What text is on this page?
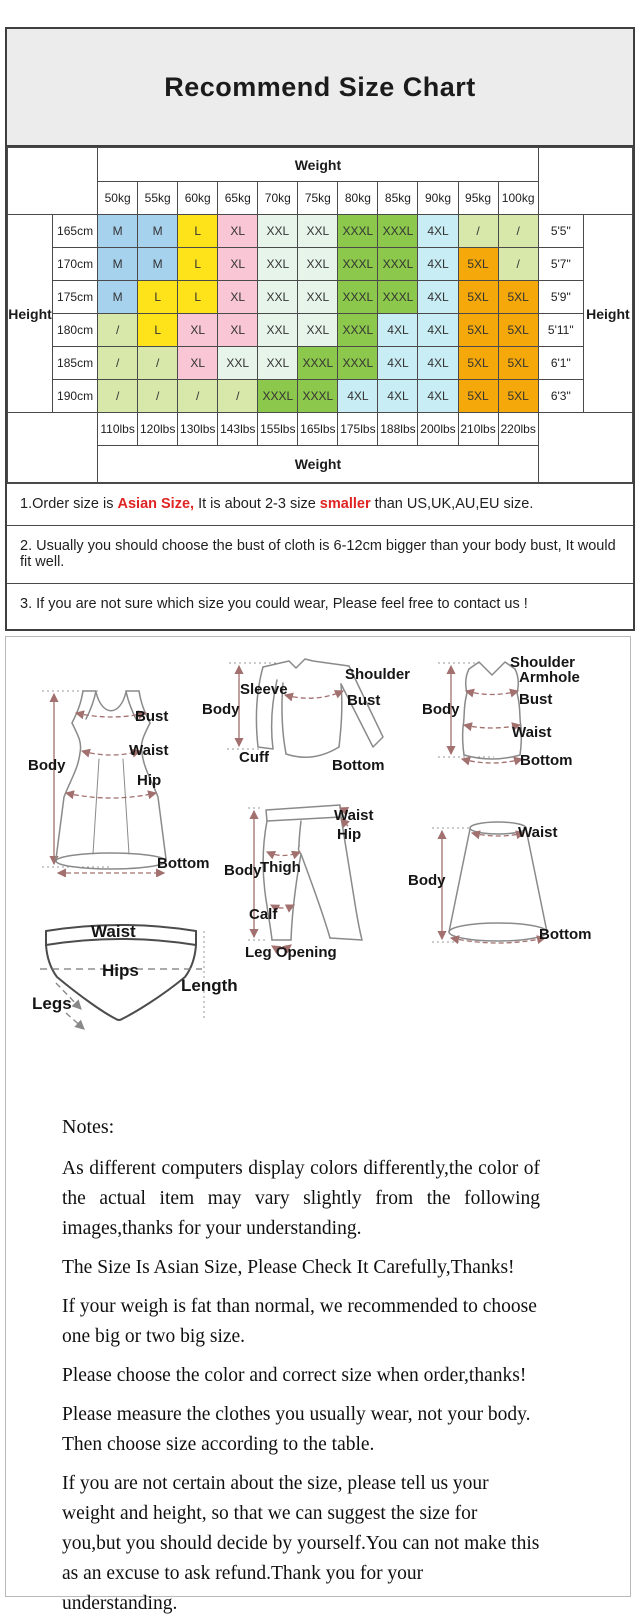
Recommend Size Chart
		Weight												
		50kg	55kg	60kg	65kg	70kg	75kg	80kg	85kg	90kg	95kg	100kg		
Height	165cm	M	M	L	XL	XXL	XXL	XXXL	XXXL	4XL	/	/	5'5"	Height
	170cm	M	M	L	XL	XXL	XXL	XXXL	XXXL	4XL	5XL	/	5'7"	
	175cm	M	L	L	XL	XXL	XXL	XXXL	XXXL	4XL	5XL	5XL	5'9"	
	180cm	/	L	XL	XL	XXL	XXL	XXXL	4XL	4XL	5XL	5XL	5'11"	
	185cm	/	/	XL	XXL	XXL	XXXL	XXXL	4XL	4XL	5XL	5XL	6'1"	
	190cm	/	/	/	/	XXXL	XXXL	4XL	4XL	4XL	5XL	5XL	6'3"	
		110lbs	120lbs	130lbs	143lbs	155lbs	165lbs	175lbs	188lbs	200lbs	210lbs	220lbs		
		Weight												
1.Order size is Asian Size, It is about 2-3 size smaller than US,UK,AU,EU size.
2. Usually you should choose the bust of cloth is 6-12cm bigger than your body bust, It would fit well.
3. If you are not sure which size you could wear, Please feel free to contact us !
Body
Bust
Waist
Hip
Bottom
Sleeve
Body
Cuff
Shoulder
Bust
Bottom
Shoulder
Armhole
Bust
Body
Waist
Bottom
Waist
Hip
Body
Thigh
Calf
Leg Opening
Waist
Hips
Legs
Length
Waist
Body
Bottom
Notes:

As different computers display colors differently,the color of the actual item may vary slightly from the following images,thanks for your understanding.

The Size Is Asian Size, Please Check It Carefully,Thanks!

If your weigh is fat than normal, we recommended to choose one big or two big size.

Please choose the color and correct size when order,thanks!

Please measure the clothes you usually wear, not your body. Then choose size according to the table.

If you are not certain about the size, please tell us your weight and height, so that we can suggest the size for you,but you should decide by yourself.You can not make this as an excuse to ask refund.Thank you for your understanding.
